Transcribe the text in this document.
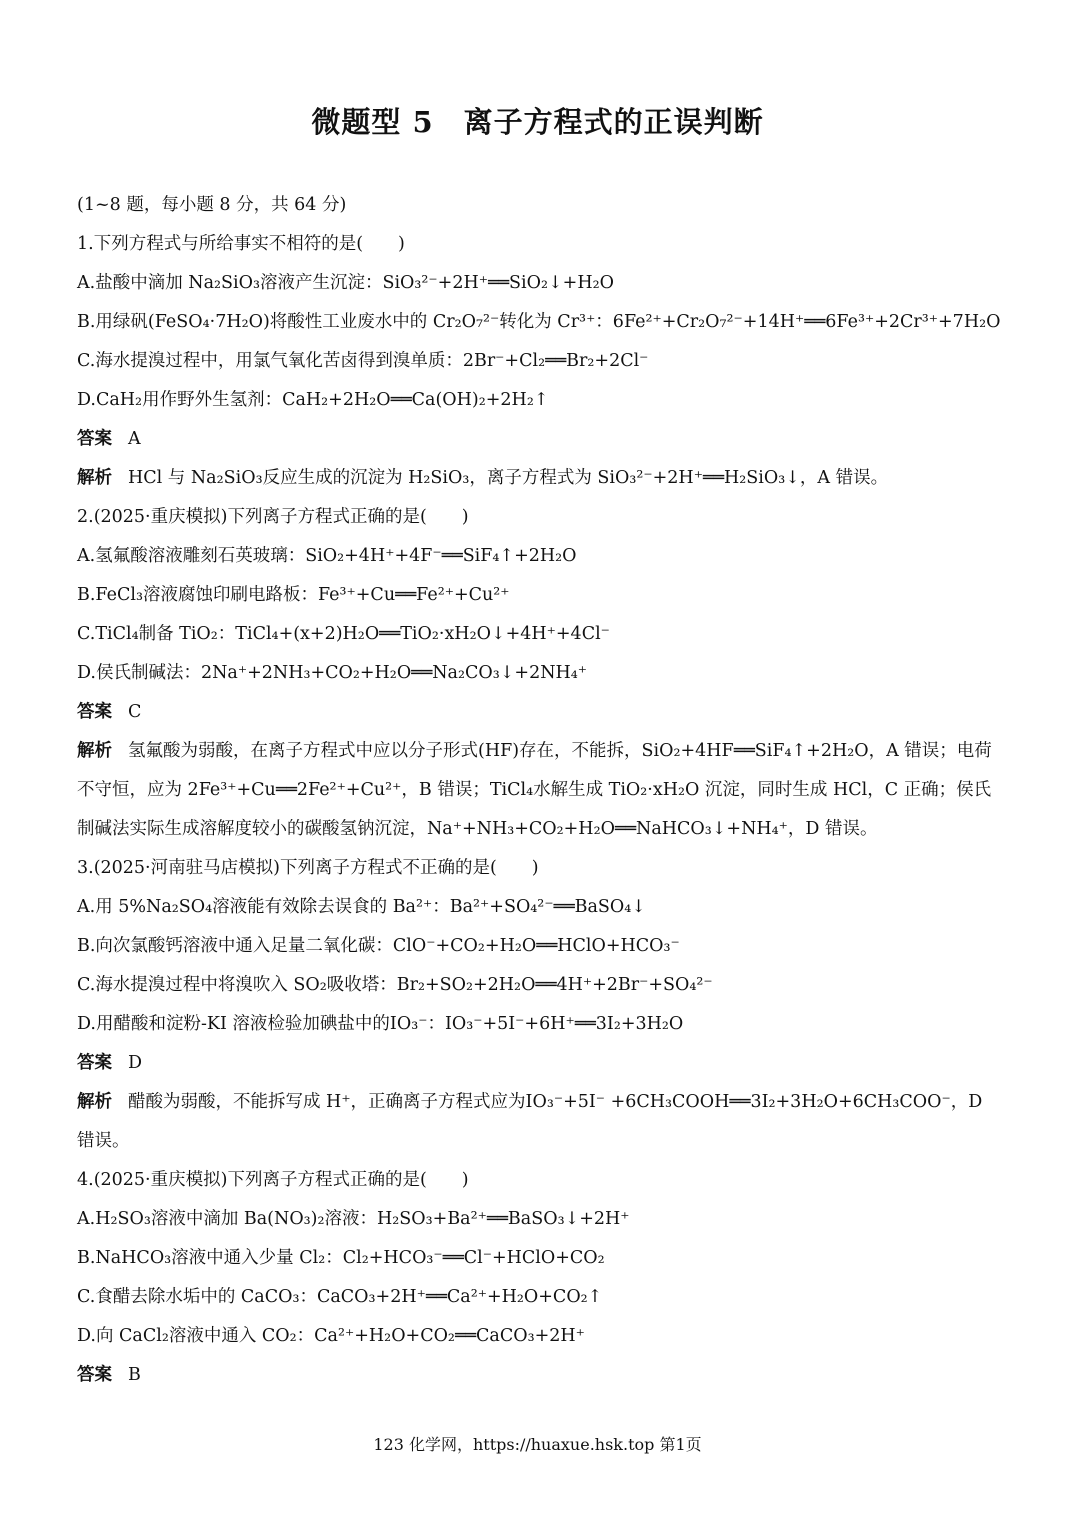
微题型 5　离子方程式的正误判断
(1~8 题，每小题 8 分，共 64 分)
1.下列方程式与所给事实不相符的是(　　)
A.盐酸中滴加 Na₂SiO₃溶液产生沉淀：SiO₃²⁻+2H⁺══SiO₂↓+H₂O
B.用绿矾(FeSO₄·7H₂O)将酸性工业废水中的 Cr₂O₇²⁻转化为 Cr³⁺：6Fe²⁺+Cr₂O₇²⁻+14H⁺══6Fe³⁺+2Cr³⁺+7H₂O
C.海水提溴过程中，用氯气氧化苦卤得到溴单质：2Br⁻+Cl₂══Br₂+2Cl⁻
D.CaH₂用作野外生氢剂：CaH₂+2H₂O══Ca(OH)₂+2H₂↑
答案 A
解析 HCl 与 Na₂SiO₃反应生成的沉淀为 H₂SiO₃，离子方程式为 SiO₃²⁻+2H⁺══H₂SiO₃↓，A 错误。
2.(2025·重庆模拟)下列离子方程式正确的是(　　)
A.氢氟酸溶液雕刻石英玻璃：SiO₂+4H⁺+4F⁻══SiF₄↑+2H₂O
B.FeCl₃溶液腐蚀印刷电路板：Fe³⁺+Cu══Fe²⁺+Cu²⁺
C.TiCl₄制备 TiO₂：TiCl₄+(x+2)H₂O══TiO₂·xH₂O↓+4H⁺+4Cl⁻
D.侯氏制碱法：2Na⁺+2NH₃+CO₂+H₂O══Na₂CO₃↓+2NH₄⁺
答案 C
解析 氢氟酸为弱酸，在离子方程式中应以分子形式(HF)存在，不能拆，SiO₂+4HF══SiF₄↑+2H₂O，A 错误；电荷不守恒，应为 2Fe³⁺+Cu══2Fe²⁺+Cu²⁺，B 错误；TiCl₄水解生成 TiO₂·xH₂O 沉淀，同时生成 HCl，C 正确；侯氏制碱法实际生成溶解度较小的碳酸氢钠沉淀，Na⁺+NH₃+CO₂+H₂O══NaHCO₃↓+NH₄⁺，D 错误。
3.(2025·河南驻马店模拟)下列离子方程式不正确的是(　　)
A.用 5%Na₂SO₄溶液能有效除去误食的 Ba²⁺：Ba²⁺+SO₄²⁻══BaSO₄↓
B.向次氯酸钙溶液中通入足量二氧化碳：ClO⁻+CO₂+H₂O══HClO+HCO₃⁻
C.海水提溴过程中将溴吹入 SO₂吸收塔：Br₂+SO₂+2H₂O══4H⁺+2Br⁻+SO₄²⁻
D.用醋酸和淀粉-KI 溶液检验加碘盐中的IO₃⁻：IO₃⁻+5I⁻+6H⁺══3I₂+3H₂O
答案 D
解析 醋酸为弱酸，不能拆写成 H⁺，正确离子方程式应为IO₃⁻+5I⁻ +6CH₃COOH══3I₂+3H₂O+6CH₃COO⁻，D 错误。
4.(2025·重庆模拟)下列离子方程式正确的是(　　)
A.H₂SO₃溶液中滴加 Ba(NO₃)₂溶液：H₂SO₃+Ba²⁺══BaSO₃↓+2H⁺
B.NaHCO₃溶液中通入少量 Cl₂：Cl₂+HCO₃⁻══Cl⁻+HClO+CO₂
C.食醋去除水垢中的 CaCO₃：CaCO₃+2H⁺══Ca²⁺+H₂O+CO₂↑
D.向 CaCl₂溶液中通入 CO₂：Ca²⁺+H₂O+CO₂══CaCO₃+2H⁺
答案 B
123 化学网，https://huaxue.hsk.top 第1页
